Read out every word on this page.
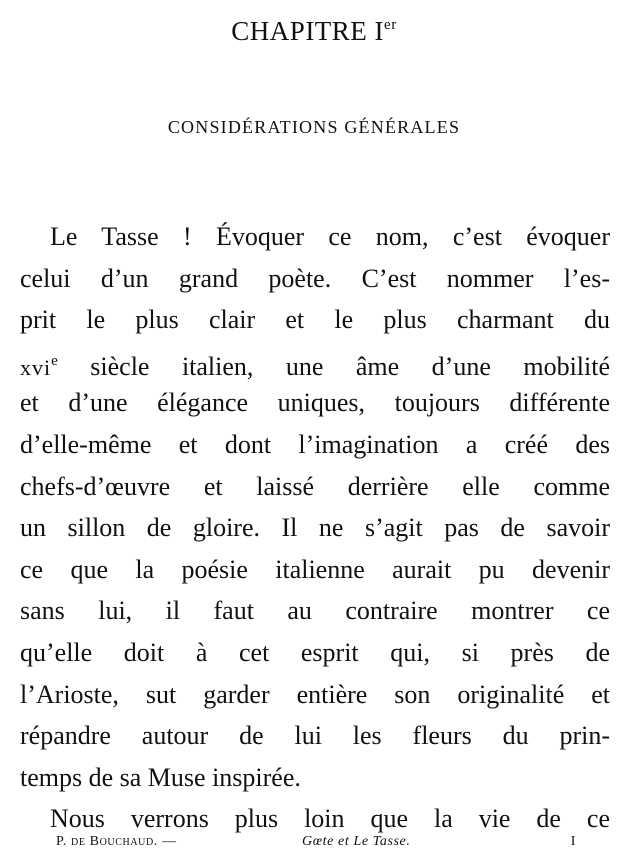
CHAPITRE Ier
CONSIDÉRATIONS GÉNÉRALES
Le Tasse ! Évoquer ce nom, c’est évoquer
celui d’un grand poète. C’est nommer l’es-
prit le plus clair et le plus charmant du
xvi$^e$ siècle italien, une âme d’une mobilité
et d’une élégance uniques, toujours différente
d’elle-même et dont l’imagination a créé des
chefs-d’œuvre et laissé derrière elle comme
un sillon de gloire. Il ne s’agit pas de savoir
ce que la poésie italienne aurait pu devenir
sans lui, il faut au contraire montrer ce
qu’elle doit à cet esprit qui, si près de
l’Arioste, sut garder entière son originalité et
répandre autour de lui les fleurs du prin-
temps de sa Muse inspirée.
Nous verrons plus loin que la vie de ce
P. de Bouchaud. —	Gœte et Le Tasse.	I
